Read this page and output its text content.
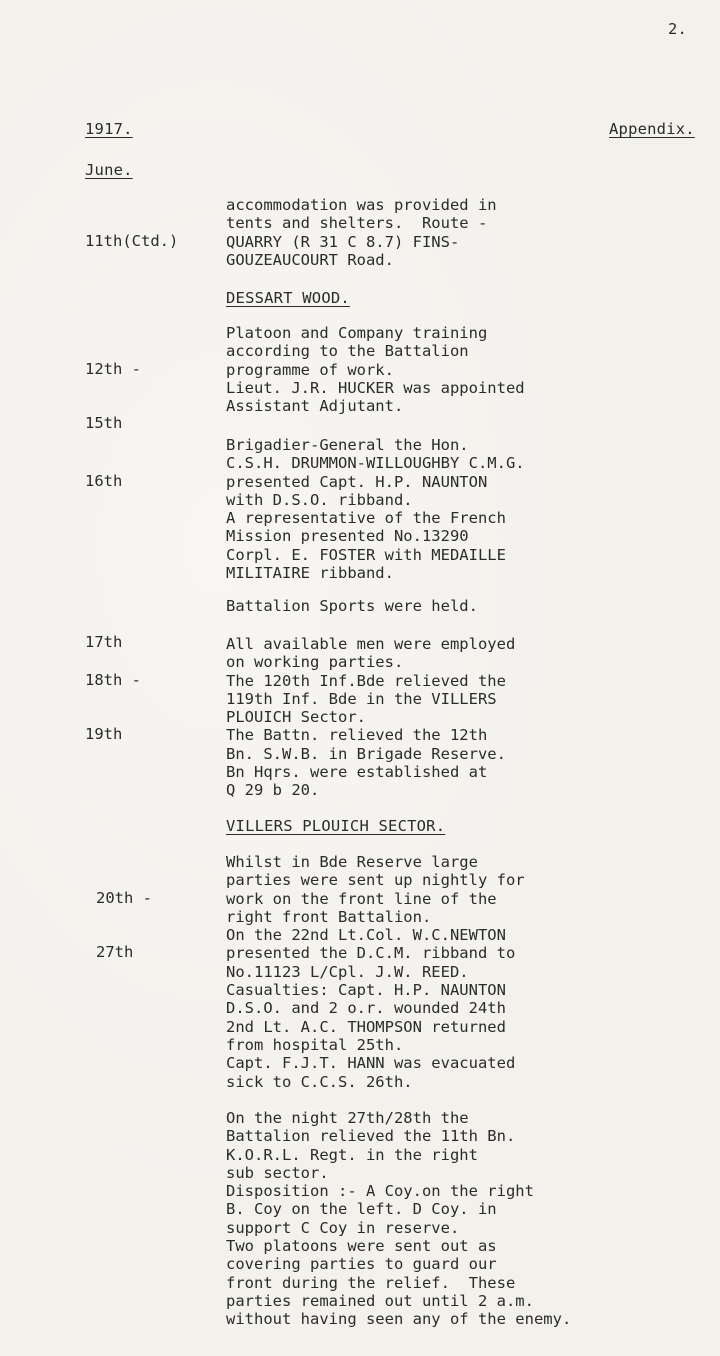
2.
1917.	Appendix.
June.

11th(Ctd.)

accommodation was provided in
tents and shelters.  Route -
QUARRY (R 31 C 8.7) FINS-
GOUZEAUCOURT Road.
DESSART WOOD.

12th -

15th

Platoon and Company training
according to the Battalion
programme of work.
Lieut. J.R. HUCKER was appointed
Assistant Adjutant.

16th

Brigadier-General the Hon.
C.S.H. DRUMMON-WILLOUGHBY C.M.G.
presented Capt. H.P. NAUNTON
with D.S.O. ribband.
A representative of the French
Mission presented No.13290
Corpl. E. FOSTER with MEDAILLE
MILITAIRE ribband.

17th

Battalion Sports were held.

18th -

19th

All available men were employed
on working parties.
The 120th Inf.Bde relieved the
119th Inf. Bde in the VILLERS
PLOUICH Sector.
The Battn. relieved the 12th
Bn. S.W.B. in Brigade Reserve.
Bn Hqrs. were established at
Q 29 b 20.
VILLERS PLOUICH SECTOR.

20th -

27th

Whilst in Bde Reserve large
parties were sent up nightly for
work on the front line of the
right front Battalion.
On the 22nd Lt.Col. W.C.NEWTON
presented the D.C.M. ribband to
No.11123 L/Cpl. J.W. REED.
Casualties: Capt. H.P. NAUNTON
D.S.O. and 2 o.r. wounded 24th
2nd Lt. A.C. THOMPSON returned
from hospital 25th.
Capt. F.J.T. HANN was evacuated
sick to C.C.S. 26th.
On the night 27th/28th the
Battalion relieved the 11th Bn.
K.O.R.L. Regt. in the right
sub sector.
Disposition :- A Coy.on the right
B. Coy on the left. D Coy. in
support C Coy in reserve.
Two platoons were sent out as
covering parties to guard our
front during the relief.  These
parties remained out until 2 a.m.
without having seen any of the enemy.
